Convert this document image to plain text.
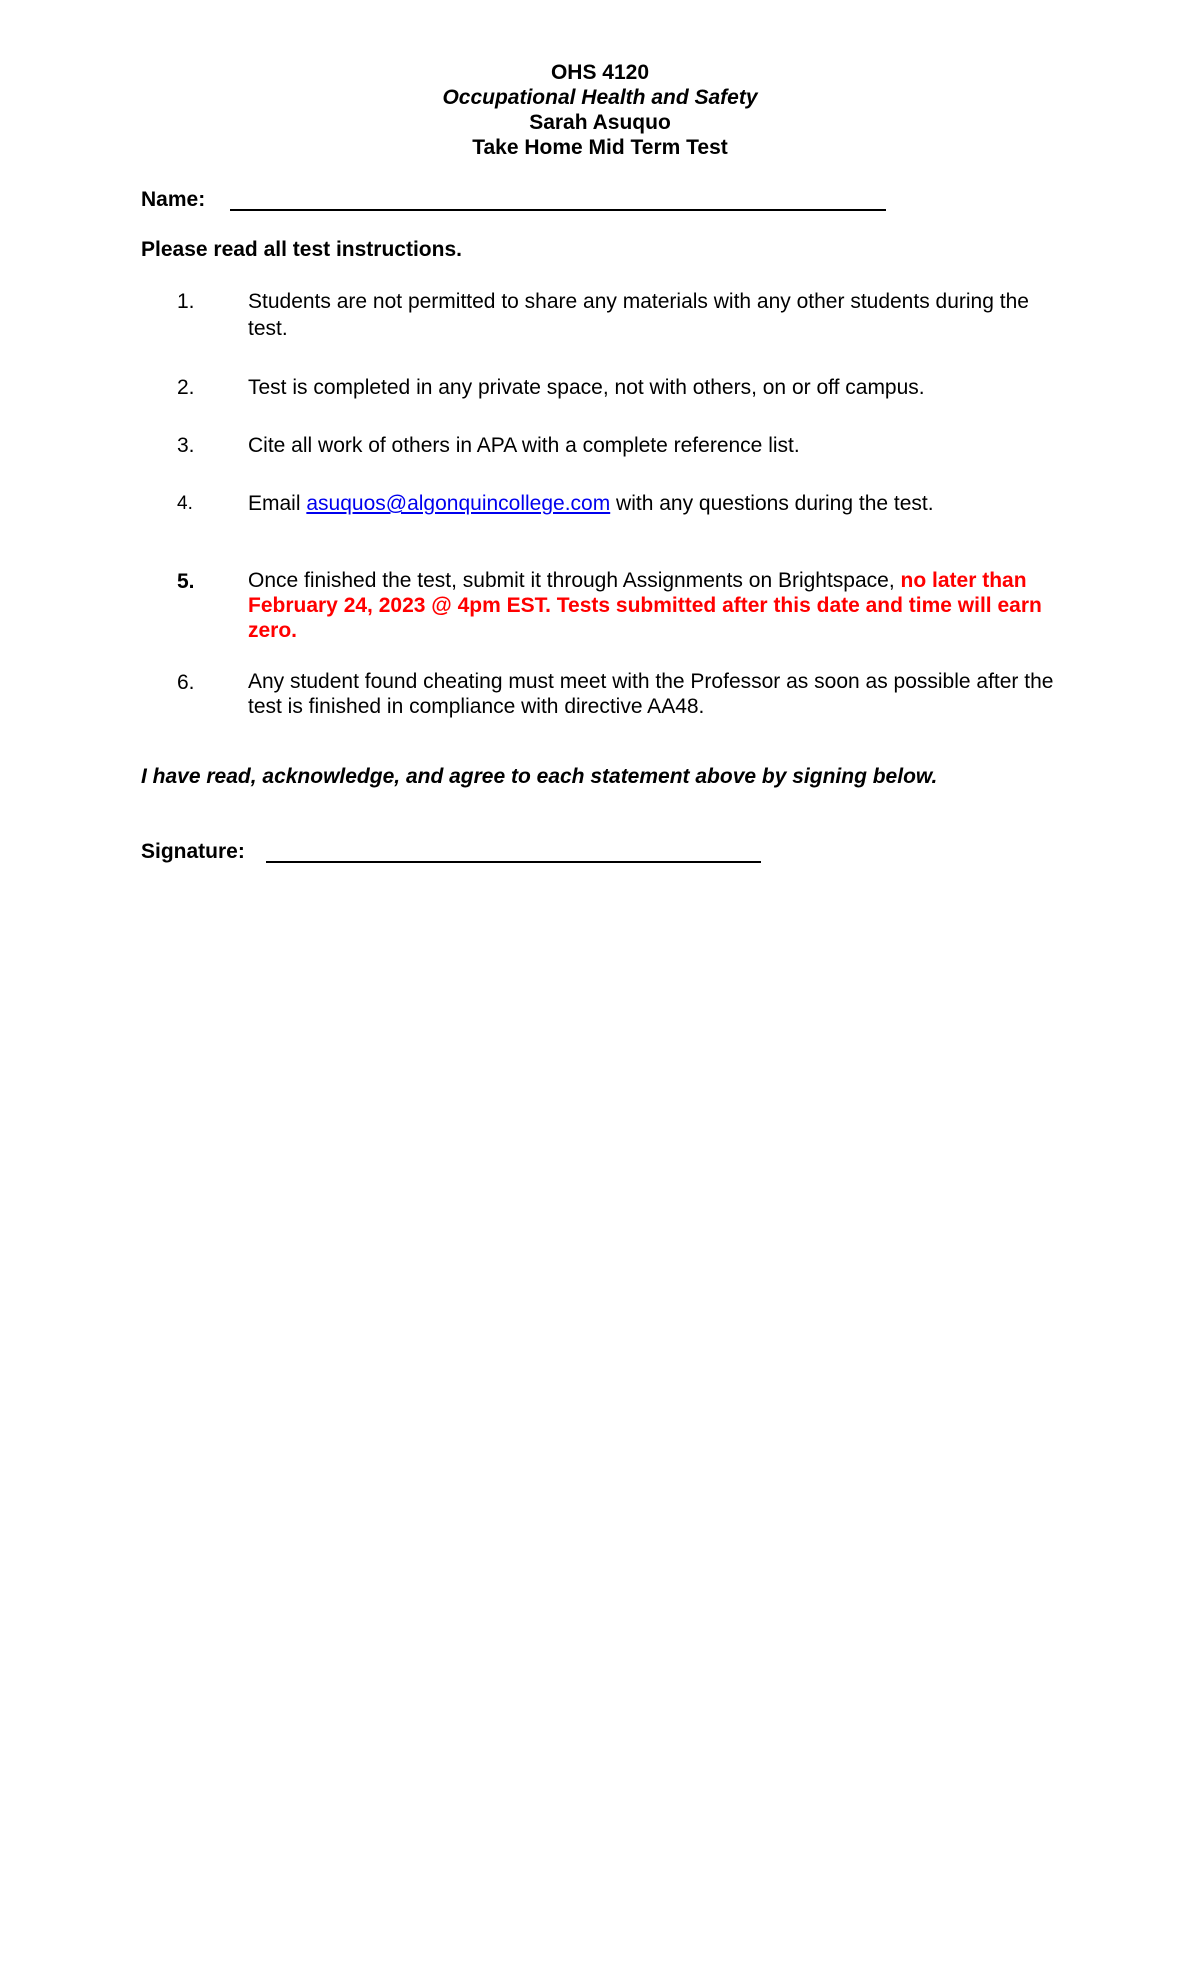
OHS 4120
Occupational Health and Safety
Sarah Asuquo
Take Home Mid Term Test
Name:
Please read all test instructions.
1.	Students are not permitted to share any materials with any other students during the test.
2.	Test is completed in any private space, not with others, on or off campus.
3.	Cite all work of others in APA with a complete reference list.
4.	Email asuquos@algonquincollege.com with any questions during the test.
5.	Once finished the test, submit it through Assignments on Brightspace, no later than February 24, 2023 @ 4pm EST. Tests submitted after this date and time will earn zero.
6.	Any student found cheating must meet with the Professor as soon as possible after the test is finished in compliance with directive AA48.
I have read, acknowledge, and agree to each statement above by signing below.
Signature:
